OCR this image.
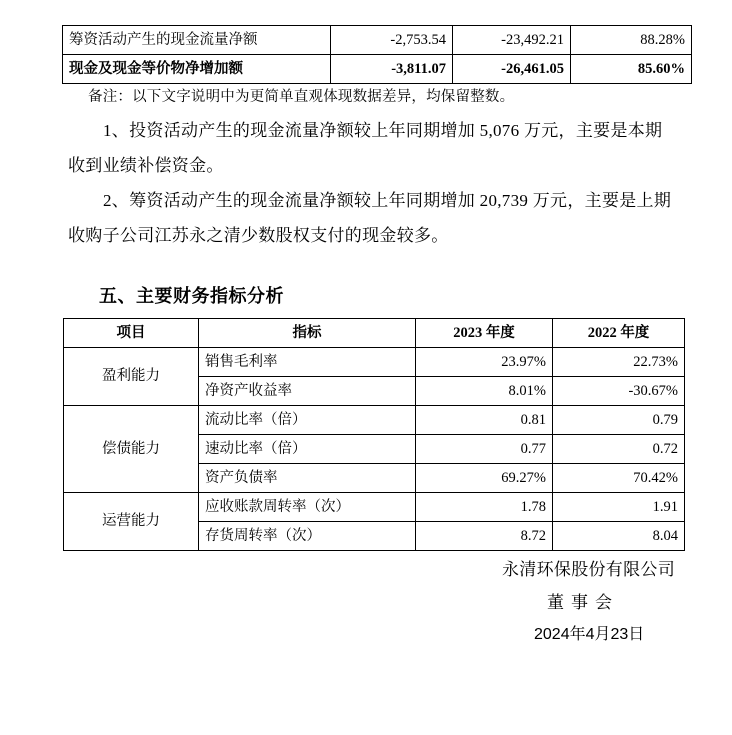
筹资活动产生的现金流量净额	-2,753.54	-23,492.21	88.28%
现金及现金等价物净增加额	-3,811.07	-26,461.05	85.60%
备注：以下文字说明中为更简单直观体现数据差异，均保留整数。
1、投资活动产生的现金流量净额较上年同期增加 5,076 万元，主要是本期
收到业绩补偿资金。
2、筹资活动产生的现金流量净额较上年同期增加 20,739 万元，主要是上期
收购子公司江苏永之清少数股权支付的现金较多。
五、主要财务指标分析
项目	指标	2023 年度	2022 年度
盈利能力	销售毛利率	23.97%	22.73%
	净资产收益率	8.01%	-30.67%
偿债能力	流动比率（倍）	0.81	0.79
	速动比率（倍）	0.77	0.72
	资产负债率	69.27%	70.42%
运营能力	应收账款周转率（次）	1.78	1.91
	存货周转率（次）	8.72	8.04
永清环保股份有限公司
董事会
2024年4月23日
